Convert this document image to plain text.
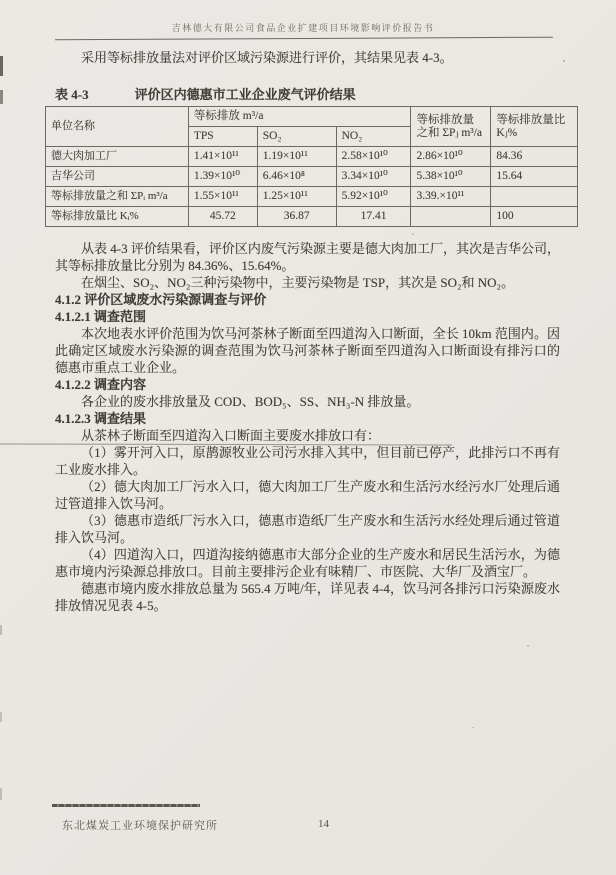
吉林德大有限公司食品企业扩建项目环境影响评价报告书

采用等标排放量法对评价区域污染源进行评价，其结果见表 4-3。

表 4-3	评价区内德惠市工业企业废气评价结果
单位名称	等标排放 m³/a			等标排放量之和 ΣPⱼ m³/a	等标排放量比 Kⱼ%
	TPS	SO₂	NO₂		
德大肉加工厂	1.41×10¹¹	1.19×10¹¹	2.58×10¹⁰	2.86×10¹⁰	84.36
吉华公司	1.39×10¹⁰	6.46×10⁸	3.34×10¹⁰	5.38×10¹⁰	15.64
等标排放量之和 ΣPᵢ m³/a	1.55×10¹¹	1.25×10¹¹	5.92×10¹⁰	3.39.×10¹¹	
等标排放量比 Kᵢ%	45.72	36.87	17.41		100

从表 4-3 评价结果看，评价区内废气污染源主要是德大肉加工厂，其次是吉华公司，其等标排放量比分别为 84.36%、15.64%。

在烟尘、SO₂、NO₂三种污染物中，主要污染物是 TSP，其次是 SO₂和 NO₂。

4.1.2 评价区域废水污染源调查与评价

4.1.2.1 调查范围

本次地表水评价范围为饮马河茶林子断面至四道沟入口断面，全长 10km 范围内。因此确定区域废水污染源的调查范围为饮马河茶林子断面至四道沟入口断面设有排污口的德惠市重点工业企业。

4.1.2.2 调查内容

各企业的废水排放量及 COD、BOD₅、SS、NH₃-N 排放量。

4.1.2.3 调查结果

从茶林子断面至四道沟入口断面主要废水排放口有：

（1）雾开河入口，原鹊源牧业公司污水排入其中，但目前已停产，此排污口不再有工业废水排入。

（2）德大肉加工厂污水入口，德大肉加工厂生产废水和生活污水经污水厂处理后通过管道排入饮马河。

（3）德惠市造纸厂污水入口，德惠市造纸厂生产废水和生活污水经处理后通过管道排入饮马河。

（4）四道沟入口，四道沟接纳德惠市大部分企业的生产废水和居民生活污水，为德惠市境内污染源总排放口。目前主要排污企业有味精厂、市医院、大华厂及酒宝厂。

德惠市境内废水排放总量为 565.4 万吨/年，详见表 4-4，饮马河各排污口污染源废水排放情况见表 4-5。

东北煤炭工业环境保护研究所	14
